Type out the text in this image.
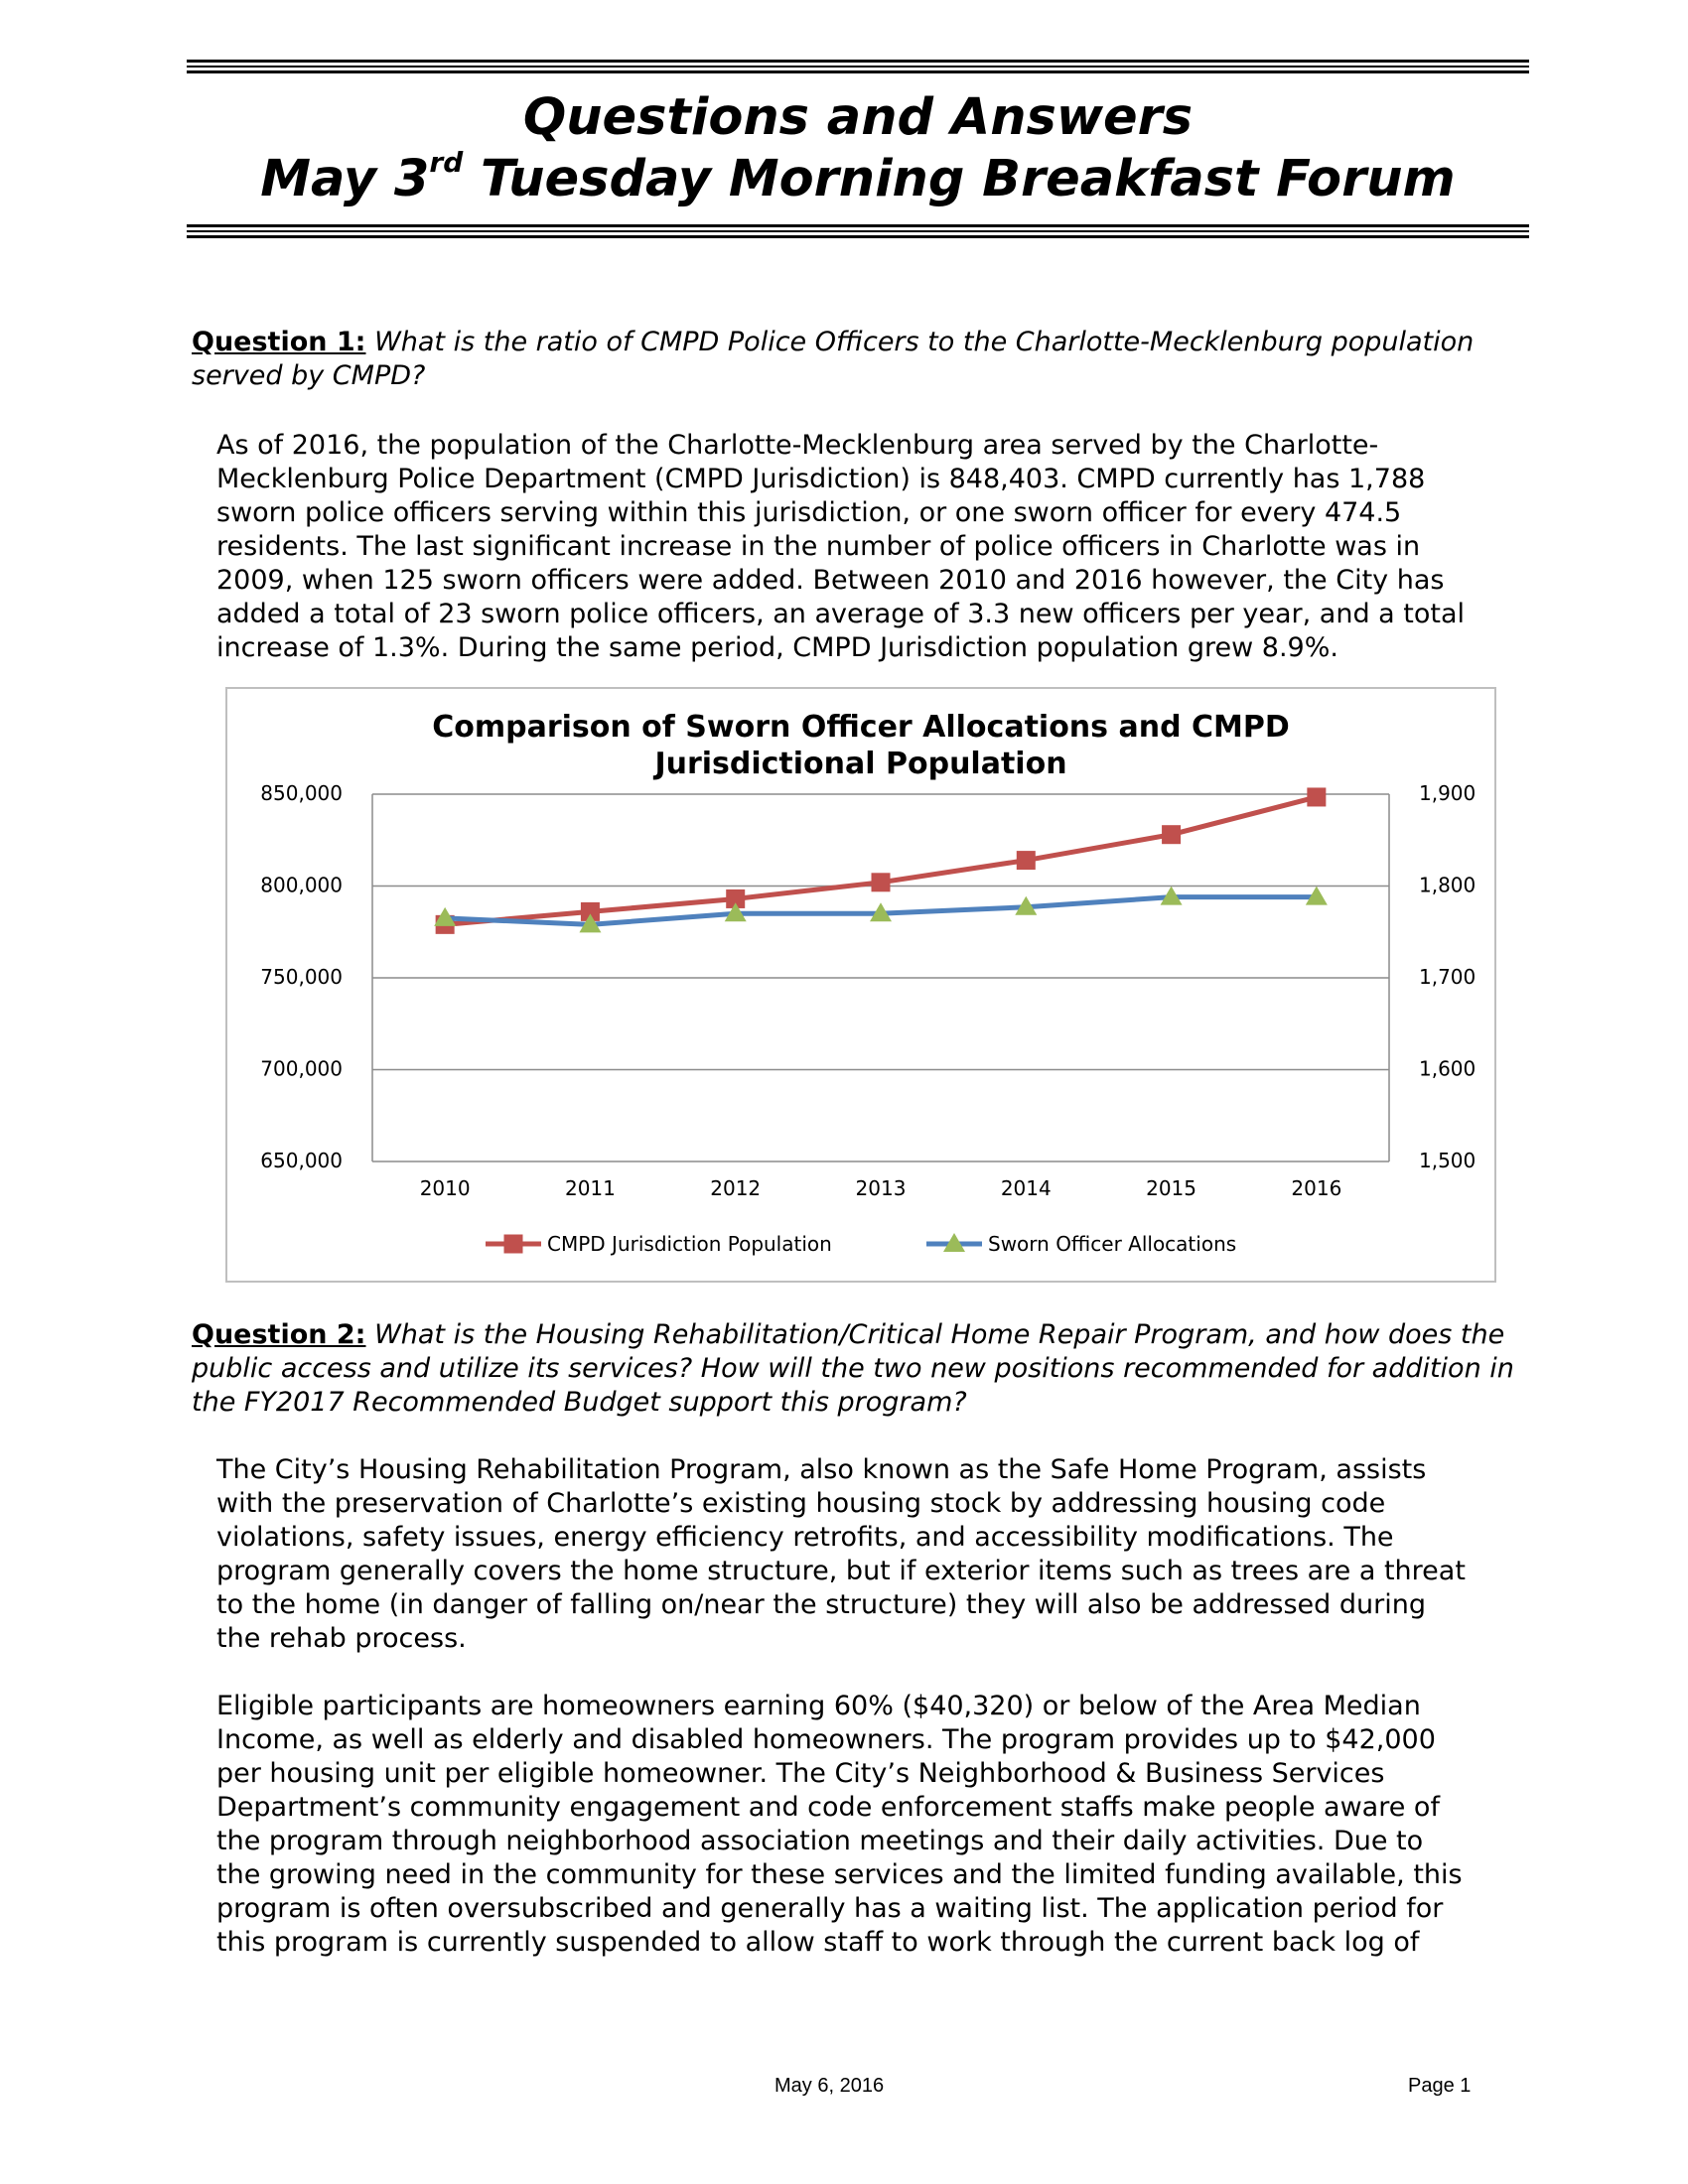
Questions and Answers
May 3rd Tuesday Morning Breakfast Forum
Question 1: What is the ratio of CMPD Police Officers to the Charlotte-Mecklenburg population served by CMPD?
As of 2016, the population of the Charlotte-Mecklenburg area served by the Charlotte-
Mecklenburg Police Department (CMPD Jurisdiction) is 848,403. CMPD currently has 1,788
sworn police officers serving within this jurisdiction, or one sworn officer for every 474.5
residents. The last significant increase in the number of police officers in Charlotte was in
2009, when 125 sworn officers were added. Between 2010 and 2016 however, the City has
added a total of 23 sworn police officers, an average of 3.3 new officers per year, and a total
increase of 1.3%. During the same period, CMPD Jurisdiction population grew 8.9%.
Comparison of Sworn Officer Allocations and CMPD
Jurisdictional Population
850,000	1,900
800,000	1,800
750,000	1,700
700,000	1,600
650,000	1,500
2010	2011	2012	2013	2014	2015	2016
CMPD Jurisdiction Population	Sworn Officer Allocations
Question 2: What is the Housing Rehabilitation/Critical Home Repair Program, and how does the public access and utilize its services? How will the two new positions recommended for addition in the FY2017 Recommended Budget support this program?
The City’s Housing Rehabilitation Program, also known as the Safe Home Program, assists
with the preservation of Charlotte’s existing housing stock by addressing housing code
violations, safety issues, energy efficiency retrofits, and accessibility modifications. The
program generally covers the home structure, but if exterior items such as trees are a threat
to the home (in danger of falling on/near the structure) they will also be addressed during
the rehab process.
Eligible participants are homeowners earning 60% ($40,320) or below of the Area Median
Income, as well as elderly and disabled homeowners. The program provides up to $42,000
per housing unit per eligible homeowner. The City’s Neighborhood & Business Services
Department’s community engagement and code enforcement staffs make people aware of
the program through neighborhood association meetings and their daily activities. Due to
the growing need in the community for these services and the limited funding available, this
program is often oversubscribed and generally has a waiting list. The application period for
this program is currently suspended to allow staff to work through the current back log of
May 6, 2016	Page 1
